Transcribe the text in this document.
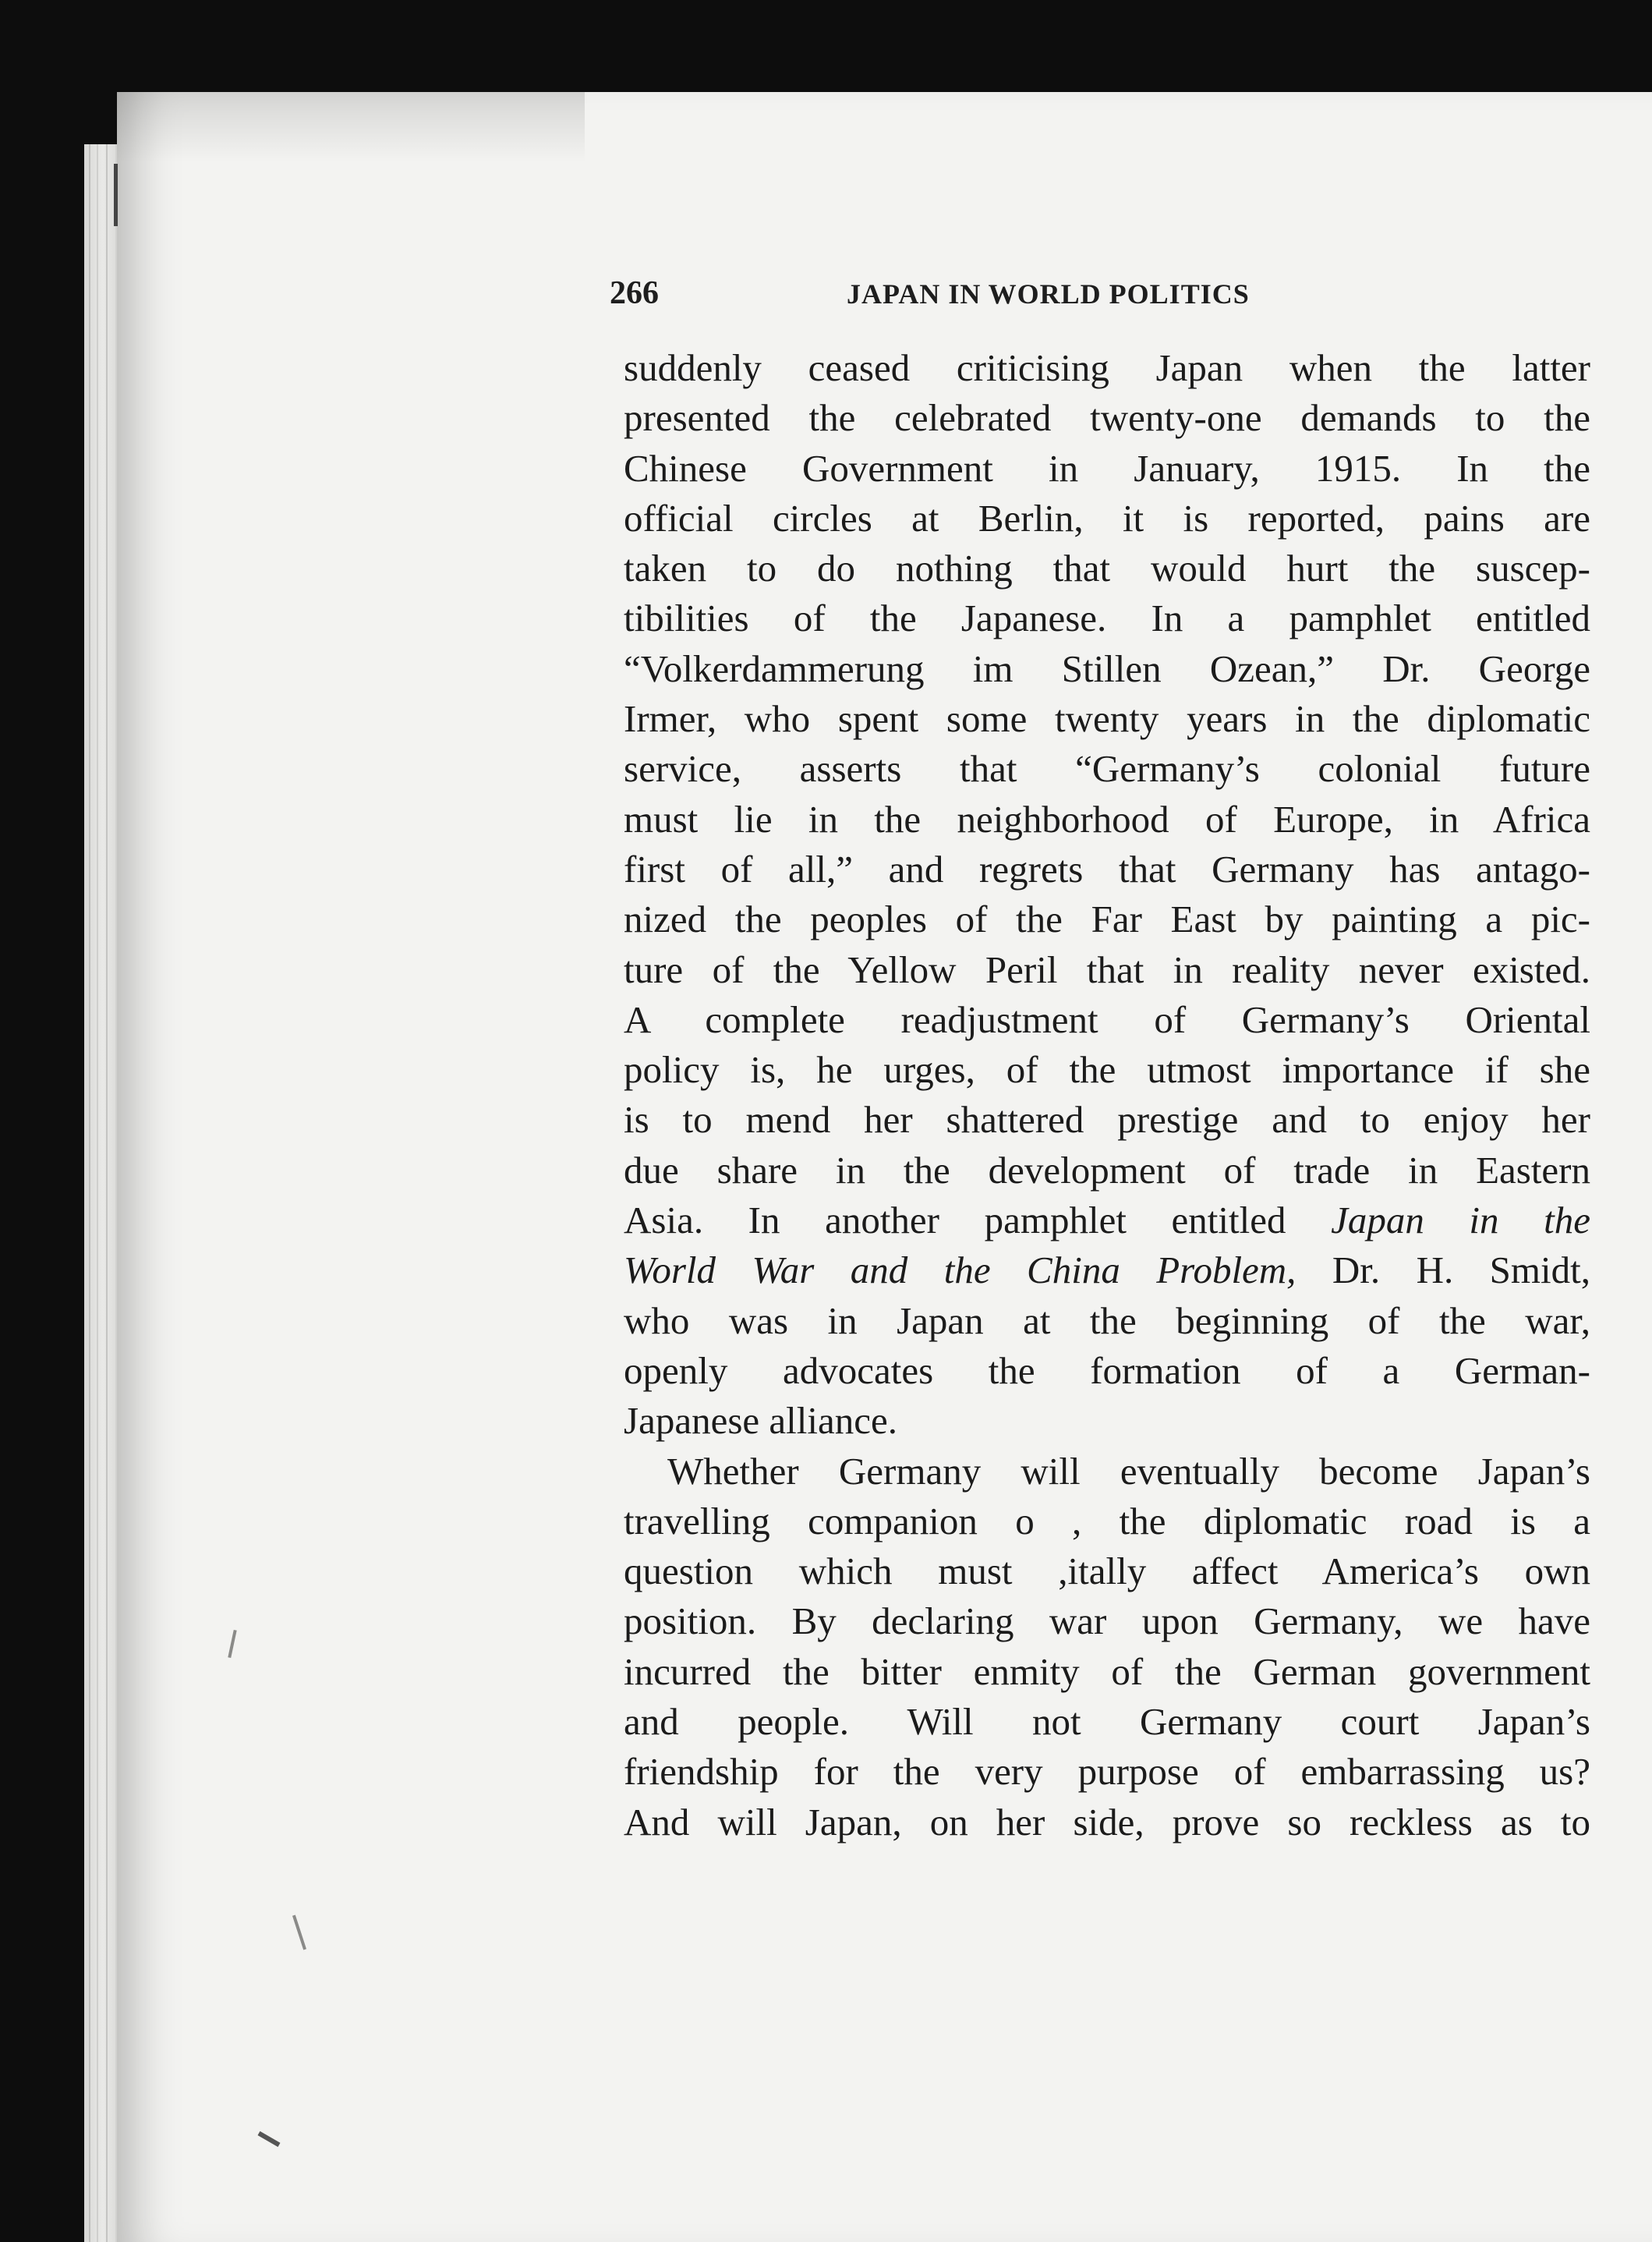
266	JAPAN IN WORLD POLITICS
suddenly ceased criticising Japan when the latter
presented the celebrated twenty-one demands to the
Chinese Government in January, 1915. In the
official circles at Berlin, it is reported, pains are
taken to do nothing that would hurt the suscep-
tibilities of the Japanese. In a pamphlet entitled
“Volkerdammerung im Stillen Ozean,” Dr. George
Irmer, who spent some twenty years in the diplomatic
service, asserts that “Germany’s colonial future
must lie in the neighborhood of Europe, in Africa
first of all,” and regrets that Germany has antago-
nized the peoples of the Far East by painting a pic-
ture of the Yellow Peril that in reality never existed.
A complete readjustment of Germany’s Oriental
policy is, he urges, of the utmost importance if she
is to mend her shattered prestige and to enjoy her
due share in the development of trade in Eastern
Asia. In another pamphlet entitled Japan in the
World War and the China Problem, Dr. H. Smidt,
who was in Japan at the beginning of the war,
openly advocates the formation of a German-
Japanese alliance.
Whether Germany will eventually become Japan’s
travelling companion o , the diplomatic road is a
question which must ,itally affect America’s own
position. By declaring war upon Germany, we have
incurred the bitter enmity of the German government
and people. Will not Germany court Japan’s
friendship for the very purpose of embarrassing us?
And will Japan, on her side, prove so reckless as to
